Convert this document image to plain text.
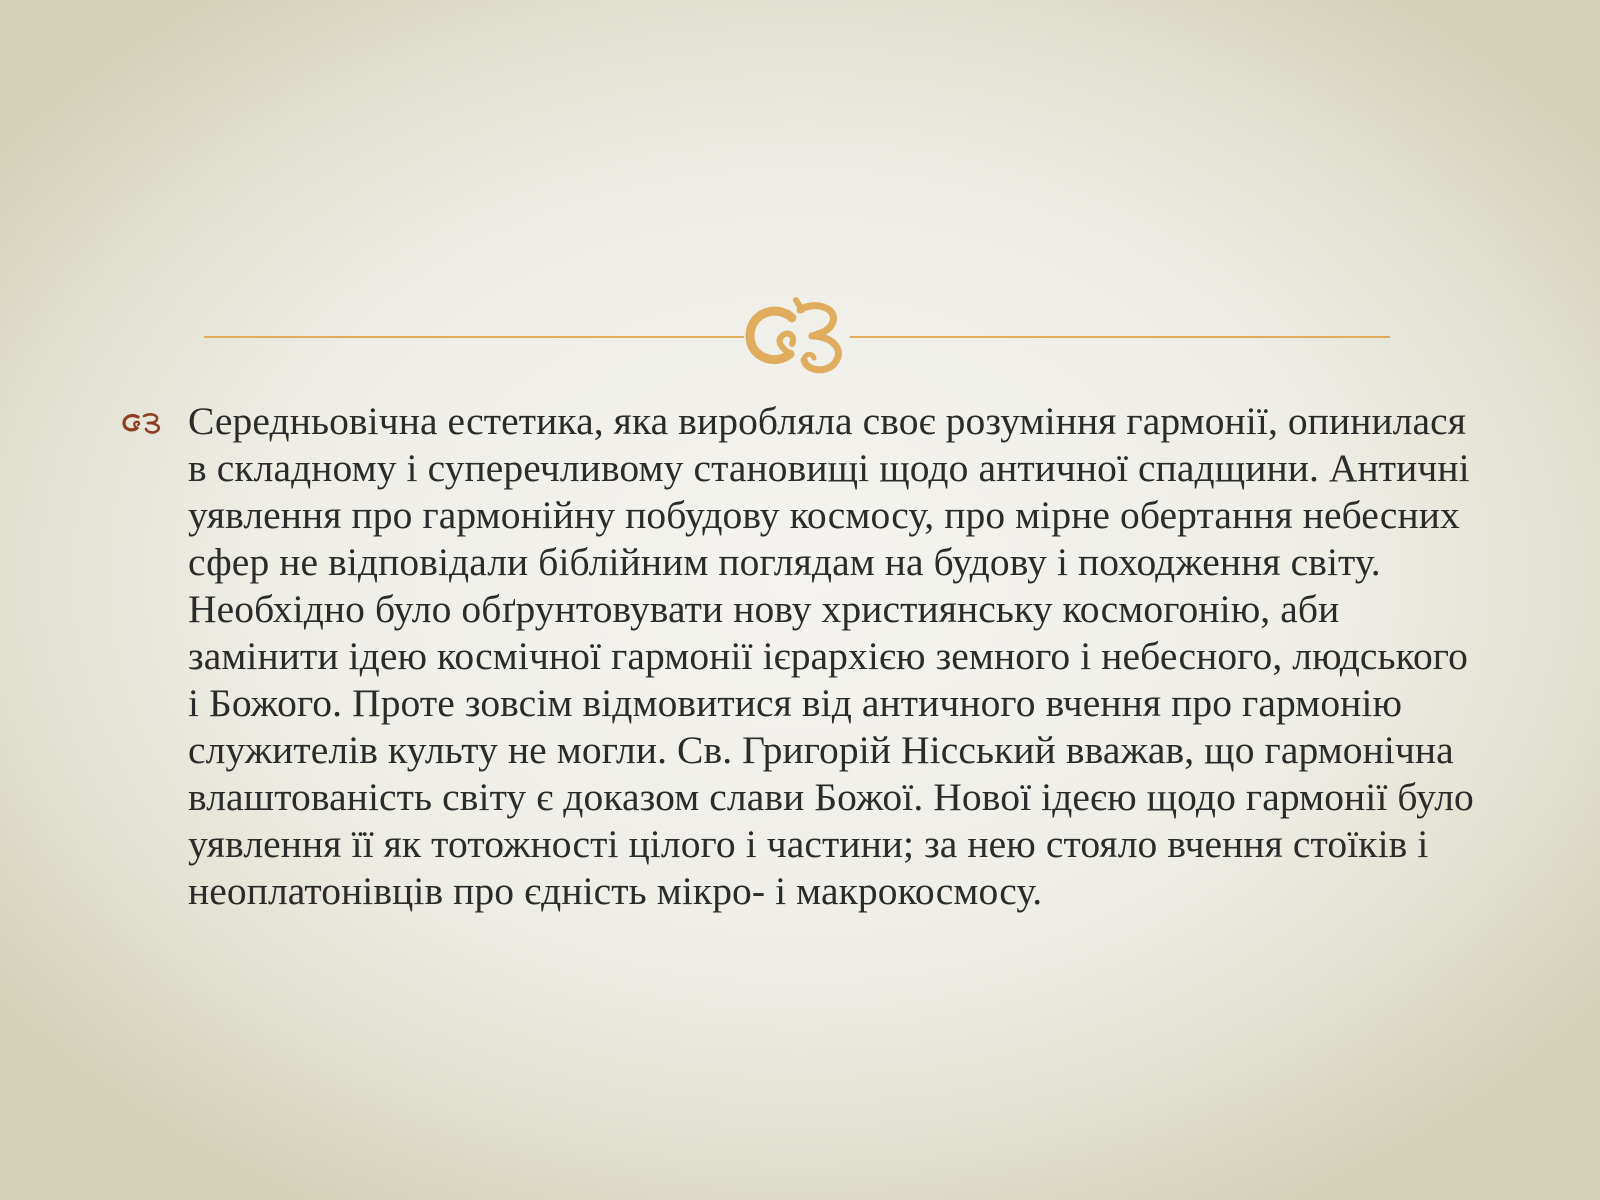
Середньовічна естетика, яка виробляла своє розуміння гармонії, опинилася в складному і суперечливому становищі щодо античної спадщини. Античні уявлення про гармонійну побудову космосу, про мірне обертання небесних сфер не відповідали біблійним поглядам на будову і походження світу. Необхідно було обґрунтовувати нову християнську космогонію, аби замінити ідею космічної гармонії ієрархією земного і небесного, людського і Божого. Проте зовсім відмовитися від античного вчення про гармонію служителів культу не могли. Св. Григорій Нісський вважав, що гармонічна влаштованість світу є доказом слави Божої. Нової ідеєю щодо гармонії було уявлення її як тотожності цілого і частини; за нею стояло вчення стоїків і неоплатонівців про єдність мікро- і макрокосмосу.
